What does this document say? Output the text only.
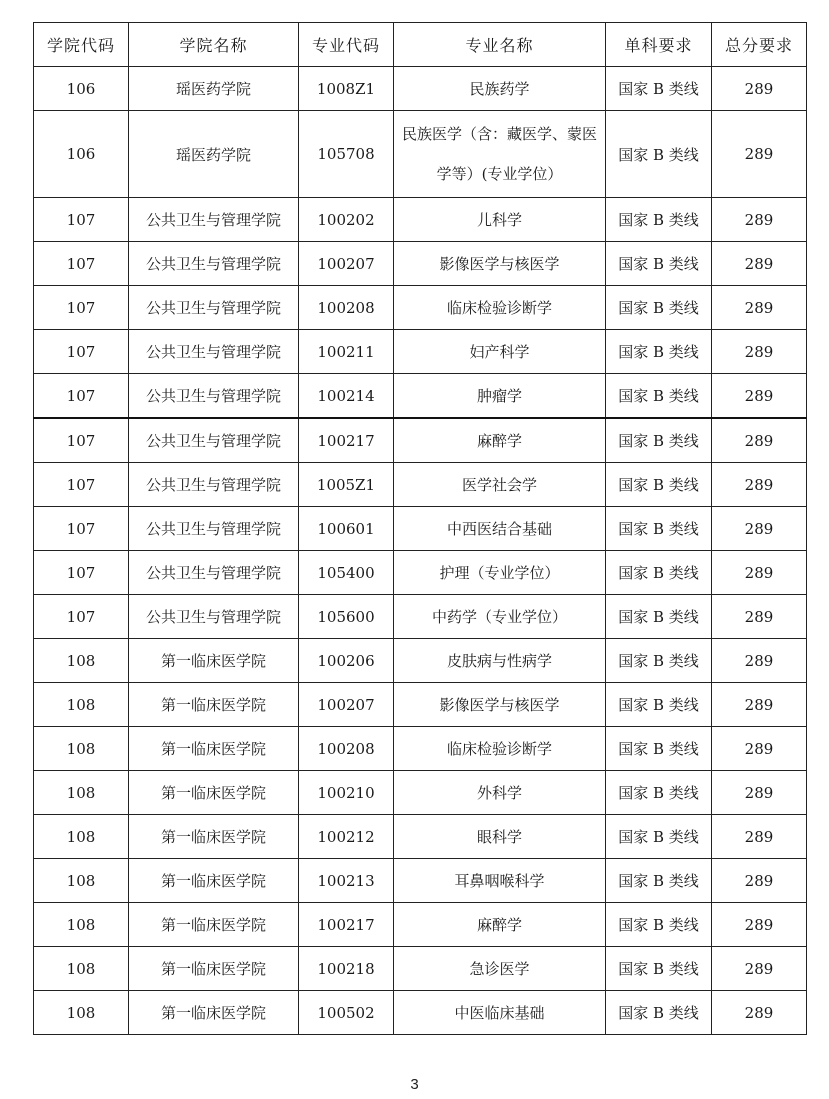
学院代码	学院名称	专业代码	专业名称	单科要求	总分要求
106	瑶医药学院	1008Z1	民族药学	国家 B 类线	289
106	瑶医药学院	105708	民族医学（含：藏医学、蒙医学等）(专业学位）	国家 B 类线	289
107	公共卫生与管理学院	100202	儿科学	国家 B 类线	289
107	公共卫生与管理学院	100207	影像医学与核医学	国家 B 类线	289
107	公共卫生与管理学院	100208	临床检验诊断学	国家 B 类线	289
107	公共卫生与管理学院	100211	妇产科学	国家 B 类线	289
107	公共卫生与管理学院	100214	肿瘤学	国家 B 类线	289
107	公共卫生与管理学院	100217	麻醉学	国家 B 类线	289
107	公共卫生与管理学院	1005Z1	医学社会学	国家 B 类线	289
107	公共卫生与管理学院	100601	中西医结合基础	国家 B 类线	289
107	公共卫生与管理学院	105400	护理（专业学位）	国家 B 类线	289
107	公共卫生与管理学院	105600	中药学（专业学位）	国家 B 类线	289
108	第一临床医学院	100206	皮肤病与性病学	国家 B 类线	289
108	第一临床医学院	100207	影像医学与核医学	国家 B 类线	289
108	第一临床医学院	100208	临床检验诊断学	国家 B 类线	289
108	第一临床医学院	100210	外科学	国家 B 类线	289
108	第一临床医学院	100212	眼科学	国家 B 类线	289
108	第一临床医学院	100213	耳鼻咽喉科学	国家 B 类线	289
108	第一临床医学院	100217	麻醉学	国家 B 类线	289
108	第一临床医学院	100218	急诊医学	国家 B 类线	289
108	第一临床医学院	100502	中医临床基础	国家 B 类线	289
3
